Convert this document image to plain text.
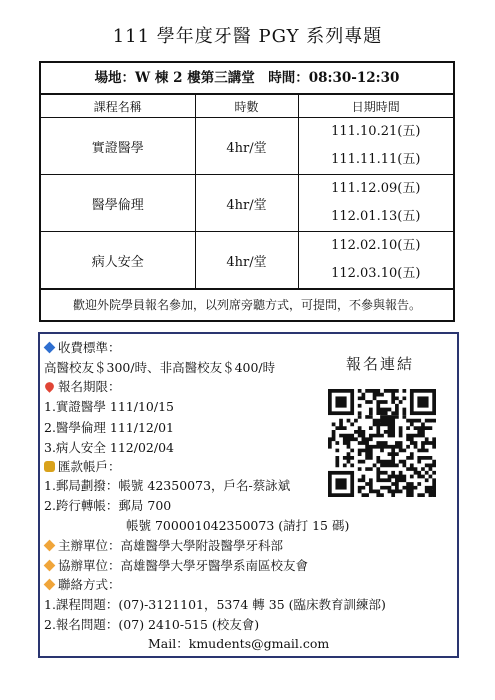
111 學年度牙醫 PGY 系列專題
場地：W 棟 2 樓第三講堂　時間：08:30-12:30
課程名稱	時數	日期時間
實證醫學	4hr/堂	111.10.21(五)
111.11.11(五)

醫學倫理	4hr/堂	111.12.09(五)
112.01.13(五)

病人安全	4hr/堂	112.02.10(五)
112.03.10(五)
歡迎外院學員報名參加，以列席旁聽方式，可提問，不參與報告。
收費標準：
高醫校友＄300/時、非高醫校友＄400/時
報名期限：
1.實證醫學 111/10/15
2.醫學倫理 111/12/01
3.病人安全 112/02/04
匯款帳戶：
1.郵局劃撥：帳號 42350073，戶名-蔡詠斌
2.跨行轉帳：郵局 700
帳號 700001042350073 (請打 15 碼)
主辦單位：高雄醫學大學附設醫學牙科部
協辦單位：高雄醫學大學牙醫學系南區校友會
聯絡方式：
1.課程問題：(07)-3121101，5374 轉 35 (臨床教育訓練部)
2.報名問題：(07) 2410-515 (校友會)
Mail：kmudents@gmail.com
報名連結
